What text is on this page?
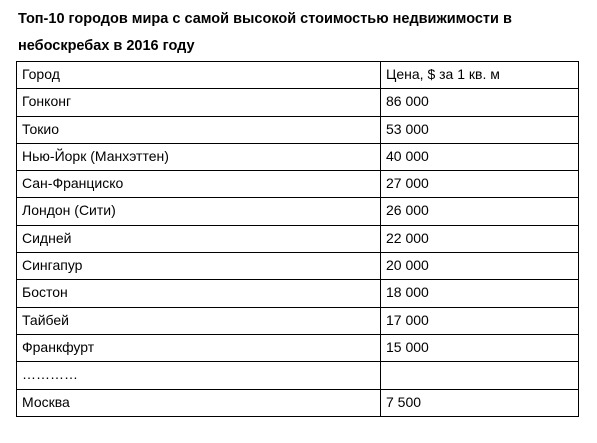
Топ-10 городов мира с самой высокой стоимостью недвижимости в небоскребах в 2016 году
Город	Цена, $ за 1 кв. м
Гонконг	86 000
Токио	53 000
Нью-Йорк (Манхэттен)	40 000
Сан-Франциско	27 000
Лондон (Сити)	26 000
Сидней	22 000
Сингапур	20 000
Бостон	18 000
Тайбей	17 000
Франкфурт	15 000
…………	
Москва	7 500
